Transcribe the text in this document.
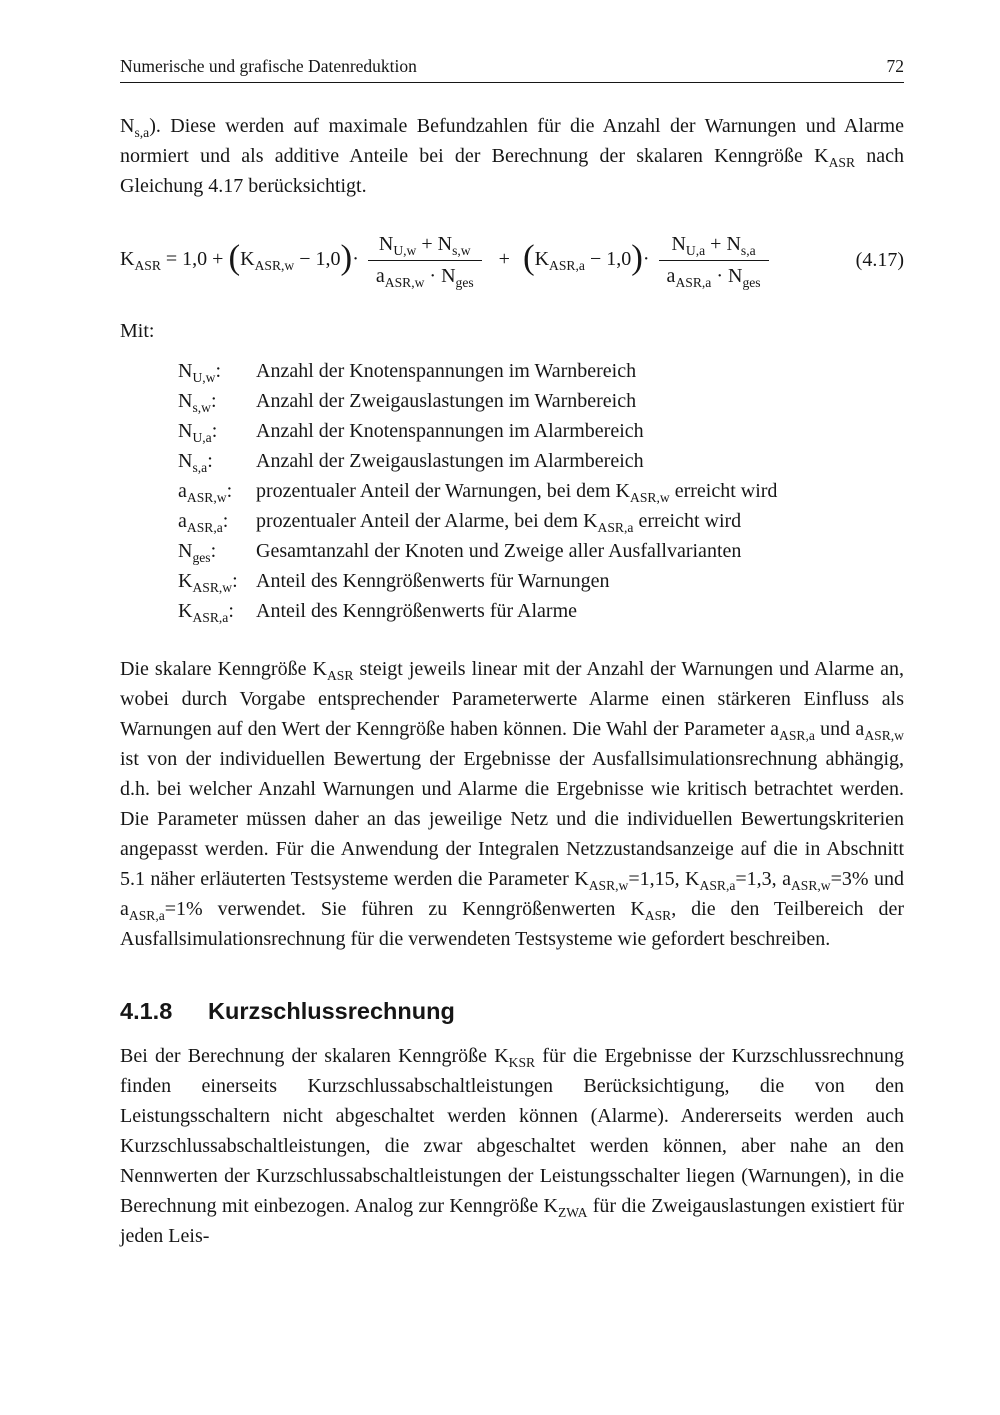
Numerische und grafische Datenreduktion	72

$N_{s,a}$). Diese werden auf maximale Befundzahlen für die Anzahl der Warnungen und Alarme normiert und als additive Anteile bei der Berechnung der skalaren Kenngröße $K_{ASR}$ nach Gleichung 4.17 berücksichtigt.

$K_{ASR} = 1,0 + (K_{ASR,w} - 1,0)\cdot \frac{N_{U,w} + N_{s,w}}{a_{ASR,w} \cdot N_{ges}} + (K_{ASR,a} - 1,0)\cdot \frac{N_{U,a} + N_{s,a}}{a_{ASR,a} \cdot N_{ges}}$	(4.17)
Mit:
$N_{U,w}$:	Anzahl der Knotenspannungen im Warnbereich
$N_{s,w}$:	Anzahl der Zweigauslastungen im Warnbereich
$N_{U,a}$:	Anzahl der Knotenspannungen im Alarmbereich
$N_{s,a}$:	Anzahl der Zweigauslastungen im Alarmbereich
$a_{ASR,w}$:	prozentualer Anteil der Warnungen, bei dem $K_{ASR,w}$ erreicht wird
$a_{ASR,a}$:	prozentualer Anteil der Alarme, bei dem $K_{ASR,a}$ erreicht wird
$N_{ges}$:	Gesamtanzahl der Knoten und Zweige aller Ausfallvarianten
$K_{ASR,w}$: Anteil des Kenngrößenwerts für Warnungen
$K_{ASR,a}$:	Anteil des Kenngrößenwerts für Alarme

Die skalare Kenngröße $K_{ASR}$ steigt jeweils linear mit der Anzahl der Warnungen und Alarme an, wobei durch Vorgabe entsprechender Parameterwerte Alarme einen stärkeren Einfluss als Warnungen auf den Wert der Kenngröße haben können. Die Wahl der Parameter $a_{ASR,a}$ und $a_{ASR,w}$ ist von der individuellen Bewertung der Ergebnisse der Ausfallsimulationsrechnung abhängig, d.h. bei welcher Anzahl Warnungen und Alarme die Ergebnisse wie kritisch betrachtet werden. Die Parameter müssen daher an das jeweilige Netz und die individuellen Bewertungskriterien angepasst werden. Für die Anwendung der Integralen Netzzustandsanzeige auf die in Abschnitt 5.1 näher erläuterten Testsysteme werden die Parameter $K_{ASR,w}=1,15$, $K_{ASR,a}=1,3$, $a_{ASR,w}=3\%$ und $a_{ASR,a}=1\%$ verwendet. Sie führen zu Kenngrößenwerten $K_{ASR}$, die den Teilbereich der Ausfallsimulationsrechnung für die verwendeten Testsysteme wie gefordert beschreiben.

4.1.8	Kurzschlussrechnung

Bei der Berechnung der skalaren Kenngröße $K_{KSR}$ für die Ergebnisse der Kurzschlussrechnung finden einerseits Kurzschlussabschaltleistungen Berücksichtigung, die von den Leistungsschaltern nicht abgeschaltet werden können (Alarme). Andererseits werden auch Kurzschlussabschaltleistungen, die zwar abgeschaltet werden können, aber nahe an den Nennwerten der Kurzschlussabschaltleistungen der Leistungsschalter liegen (Warnungen), in die Berechnung mit einbezogen. Analog zur Kenngröße $K_{ZWA}$ für die Zweigauslastungen existiert für jeden Leis-
